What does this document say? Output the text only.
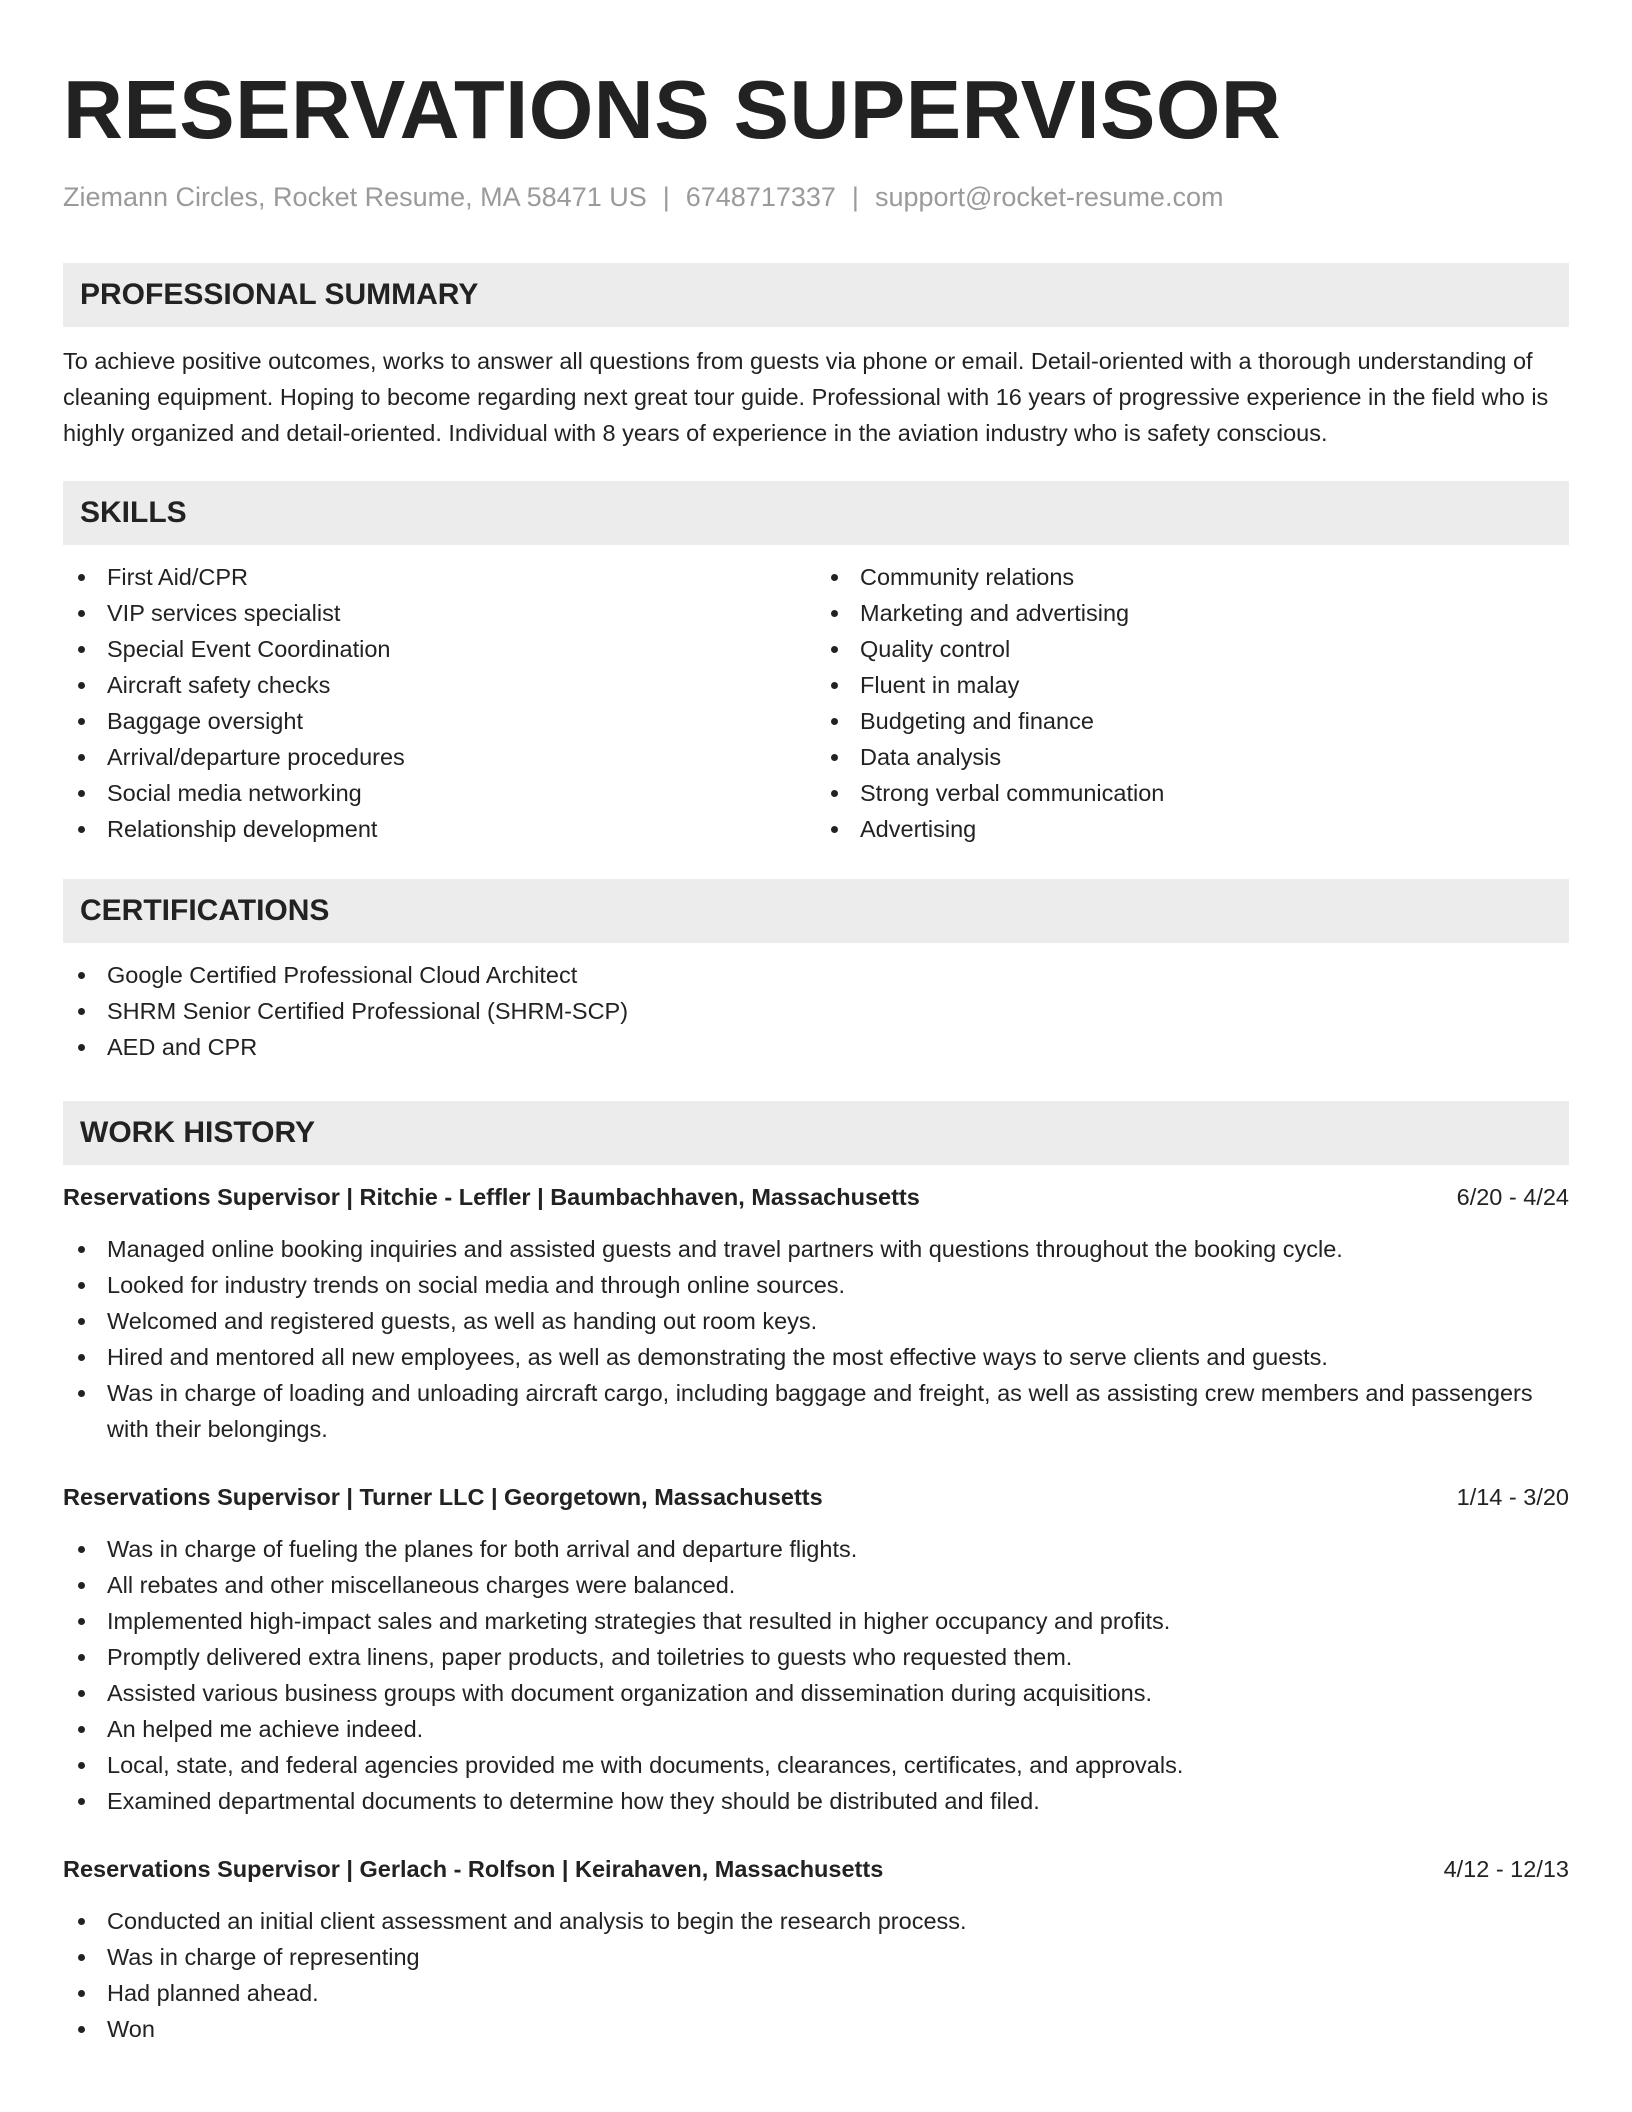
RESERVATIONS SUPERVISOR
Ziemann Circles, Rocket Resume, MA 58471 US | 6748717337 | support@rocket-resume.com
PROFESSIONAL SUMMARY

To achieve positive outcomes, works to answer all questions from guests via phone or email. Detail-oriented with a thorough understanding of cleaning equipment. Hoping to become regarding next great tour guide. Professional with 16 years of progressive experience in the field who is highly organized and detail-oriented. Individual with 8 years of experience in the aviation industry who is safety conscious.

SKILLS
First Aid/CPR
VIP services specialist
Special Event Coordination
Aircraft safety checks
Baggage oversight
Arrival/departure procedures
Social media networking
Relationship development
Community relations
Marketing and advertising
Quality control
Fluent in malay
Budgeting and finance
Data analysis
Strong verbal communication
Advertising
CERTIFICATIONS
Google Certified Professional Cloud Architect
SHRM Senior Certified Professional (SHRM-SCP)
AED and CPR
WORK HISTORY
Reservations Supervisor | Ritchie - Leffler | Baumbachhaven, Massachusetts	6/20 - 4/24
Managed online booking inquiries and assisted guests and travel partners with questions throughout the booking cycle.
Looked for industry trends on social media and through online sources.
Welcomed and registered guests, as well as handing out room keys.
Hired and mentored all new employees, as well as demonstrating the most effective ways to serve clients and guests.
Was in charge of loading and unloading aircraft cargo, including baggage and freight, as well as assisting crew members and passengers with their belongings.
Reservations Supervisor | Turner LLC | Georgetown, Massachusetts	1/14 - 3/20
Was in charge of fueling the planes for both arrival and departure flights.
All rebates and other miscellaneous charges were balanced.
Implemented high-impact sales and marketing strategies that resulted in higher occupancy and profits.
Promptly delivered extra linens, paper products, and toiletries to guests who requested them.
Assisted various business groups with document organization and dissemination during acquisitions.
An helped me achieve indeed.
Local, state, and federal agencies provided me with documents, clearances, certificates, and approvals.
Examined departmental documents to determine how they should be distributed and filed.
Reservations Supervisor | Gerlach - Rolfson | Keirahaven, Massachusetts	4/12 - 12/13
Conducted an initial client assessment and analysis to begin the research process.
Was in charge of representing
Had planned ahead.
Won
